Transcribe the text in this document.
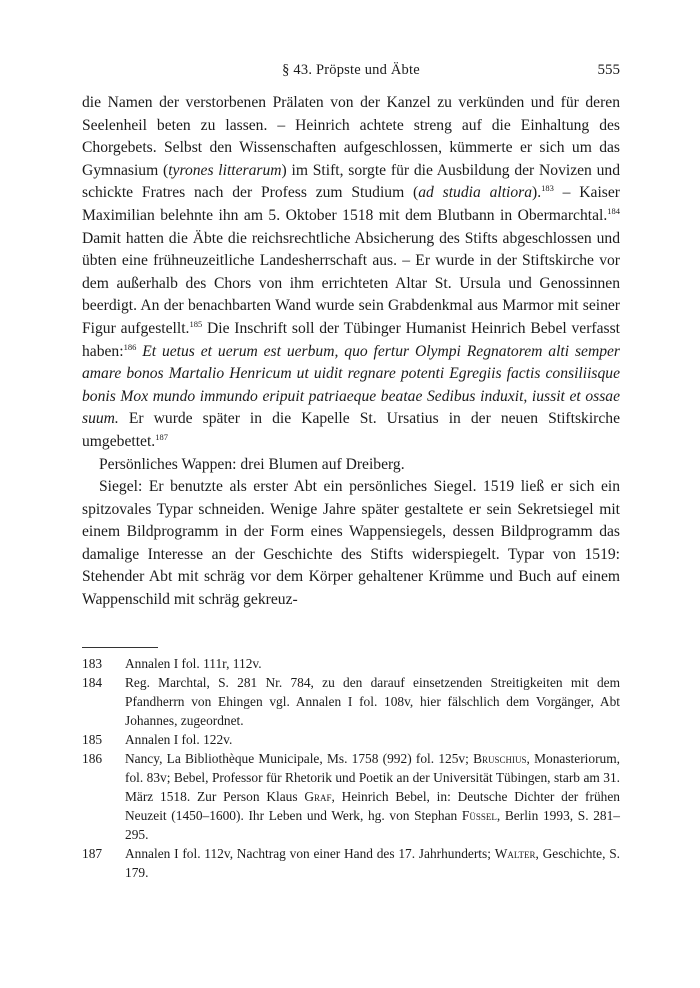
§ 43. Pröpste und Äbte	555

die Namen der verstorbenen Prälaten von der Kanzel zu verkünden und für deren Seelenheil beten zu lassen. – Heinrich achtete streng auf die Einhaltung des Chorgebets. Selbst den Wissenschaften aufgeschlossen, kümmerte er sich um das Gymnasium (tyrones litterarum) im Stift, sorgte für die Ausbildung der Novizen und schickte Fratres nach der Profess zum Studium (ad studia altiora).$^{183}$ – Kaiser Maximilian belehnte ihn am 5. Oktober 1518 mit dem Blutbann in Obermarchtal.$^{184}$ Damit hatten die Äbte die reichsrechtliche Absicherung des Stifts abgeschlossen und übten eine frühneuzeitliche Landesherrschaft aus. – Er wurde in der Stiftskirche vor dem außerhalb des Chors von ihm errichteten Altar St. Ursula und Genossinnen beerdigt. An der benachbarten Wand wurde sein Grabdenkmal aus Marmor mit seiner Figur aufgestellt.$^{185}$ Die Inschrift soll der Tübinger Humanist Heinrich Bebel verfasst haben:$^{186}$ Et uetus et uerum est uerbum, quo fertur Olympi Regnatorem alti semper amare bonos Martalio Henricum ut uidit regnare potenti Egregiis factis consiliisque bonis Mox mundo immundo eripuit patriaeque beatae Sedibus induxit, iussit et ossae suum. Er wurde später in die Kapelle St. Ursatius in der neuen Stiftskirche umgebettet.$^{187}$

Persönliches Wappen: drei Blumen auf Dreiberg.

Siegel: Er benutzte als erster Abt ein persönliches Siegel. 1519 ließ er sich ein spitzovales Typar schneiden. Wenige Jahre später gestaltete er sein Sekretsiegel mit einem Bildprogramm in der Form eines Wappensiegels, dessen Bildprogramm das damalige Interesse an der Geschichte des Stifts widerspiegelt. Typar von 1519: Stehender Abt mit schräg vor dem Körper gehaltener Krümme und Buch auf einem Wappenschild mit schräg gekreuz-

183 Annalen I fol. 111r, 112v.
184 Reg. Marchtal, S. 281 Nr. 784, zu den darauf einsetzenden Streitigkeiten mit dem Pfandherrn von Ehingen vgl. Annalen I fol. 108v, hier fälschlich dem Vorgänger, Abt Johannes, zugeordnet.
185 Annalen I fol. 122v.
186 Nancy, La Bibliothèque Municipale, Ms. 1758 (992) fol. 125v; Bruschius, Monasteriorum, fol. 83v; Bebel, Professor für Rhetorik und Poetik an der Universität Tübingen, starb am 31. März 1518. Zur Person Klaus Graf, Heinrich Bebel, in: Deutsche Dichter der frühen Neuzeit (1450–1600). Ihr Leben und Werk, hg. von Stephan Füssel, Berlin 1993, S. 281–295.
187 Annalen I fol. 112v, Nachtrag von einer Hand des 17. Jahrhunderts; Walter, Geschichte, S. 179.
